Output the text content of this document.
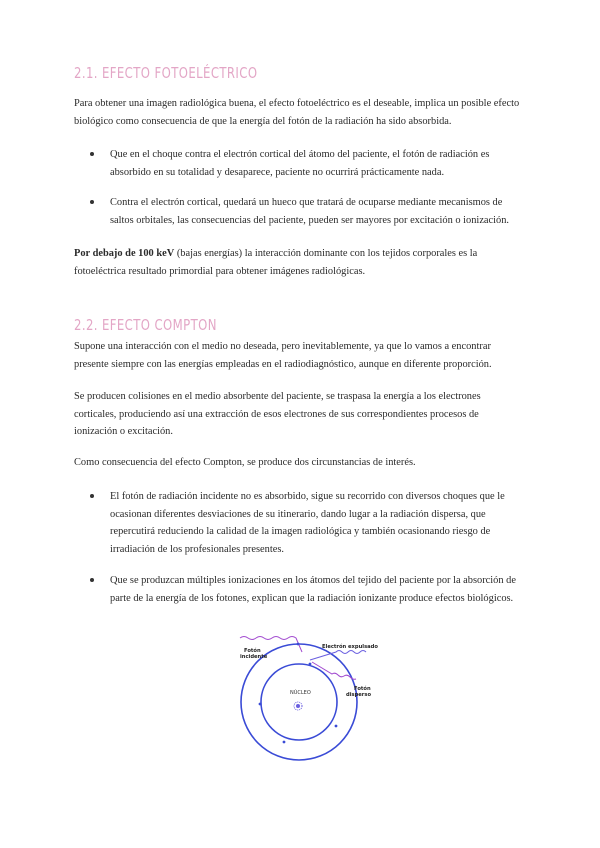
2.1. EFECTO FOTOELÉCTRICO

Para obtener una imagen radiológica buena, el efecto fotoeléctrico es el deseable, implica un posible efecto biológico como consecuencia de que la energía del fotón de la radiación ha sido absorbida.

Que en el choque contra el electrón cortical del átomo del paciente, el fotón de radiación es absorbido en su totalidad y desaparece, paciente no ocurrirá prácticamente nada.
Contra el electrón cortical, quedará un hueco que tratará de ocuparse mediante mecanismos de saltos orbitales, las consecuencias del paciente, pueden ser mayores por excitación o ionización.

Por debajo de 100 keV (bajas energías) la interacción dominante con los tejidos corporales es la fotoeléctrica resultado primordial para obtener imágenes radiológicas.

2.2. EFECTO COMPTON

Supone una interacción con el medio no deseada, pero inevitablemente, ya que lo vamos a encontrar presente siempre con las energías empleadas en el radiodiagnóstico, aunque en diferente proporción.

Se producen colisiones en el medio absorbente del paciente, se traspasa la energía a los electrones corticales, produciendo así una extracción de esos electrones de sus correspondientes procesos de ionización o excitación.

Como consecuencia del efecto Compton, se produce dos circunstancias de interés.

El fotón de radiación incidente no es absorbido, sigue su recorrido con diversos choques que le ocasionan diferentes desviaciones de su itinerario, dando lugar a la radiación dispersa, que repercutirá reduciendo la calidad de la imagen radiológica y también ocasionando riesgo de irradiación de los profesionales presentes.
Que se produzcan múltiples ionizaciones en los átomos del tejido del paciente por la absorción de parte de la energía de los fotones, explican que la radiación ionizante produce efectos biológicos.
NÚCLEO
Fotón incidente
Electrón expulsado
Fotón disperso
